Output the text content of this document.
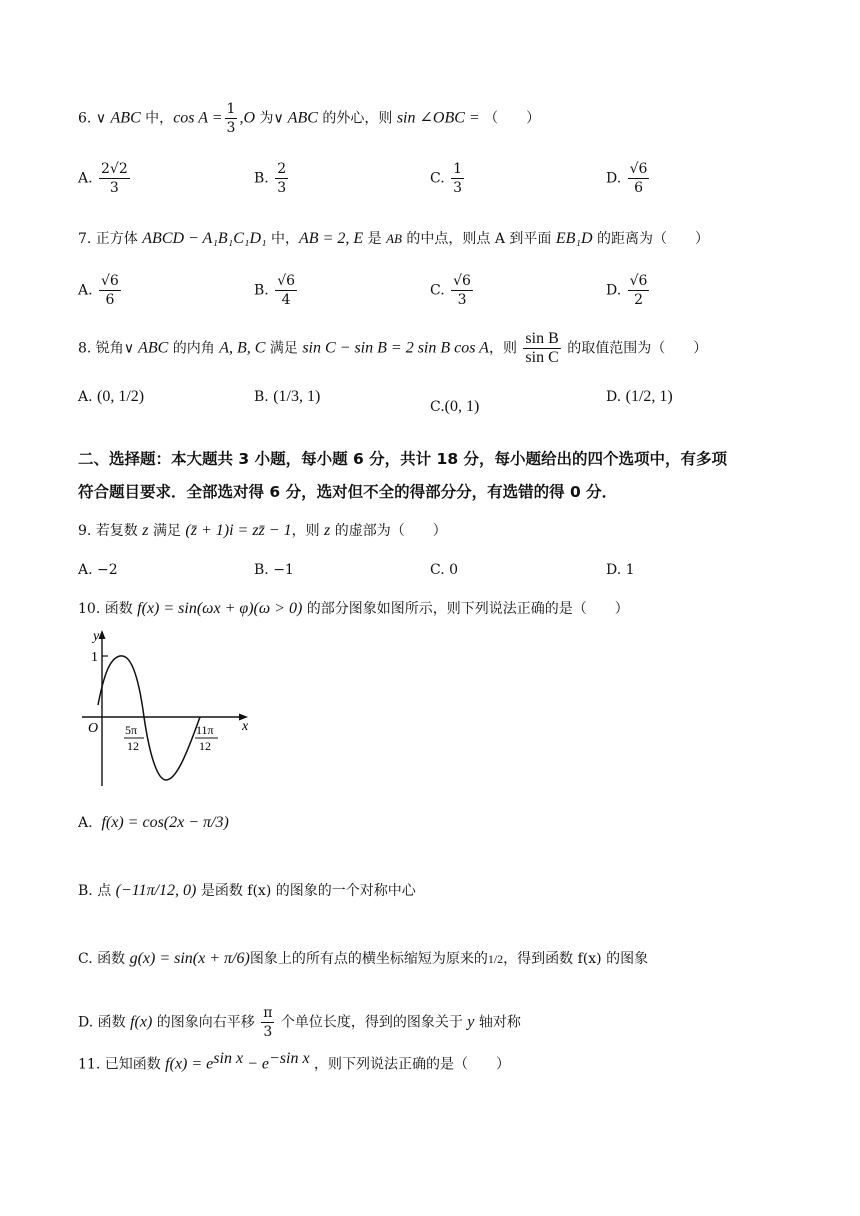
6. ∨ ABC 中，$\cos A = \frac{1}{3} ,O$ 为∨ ABC 的外心，则 sin ∠OBC = （　　）
A. $\frac{2√2}{3}$	B. $\frac{2}{3}$	C. $\frac{1}{3}$	D. $\frac{√6}{6}$
7. 正方体 ABCD − A₁B₁C₁D₁ 中，AB = 2, E 是 AB 的中点，则点 A 到平面 EB₁D 的距离为（　　）
A. $\frac{√6}{6}$	B. $\frac{√6}{4}$	C. $\frac{√6}{3}$	D. $\frac{√6}{2}$
8. 锐角∨ ABC 的内角 A, B, C 满足 sin C − sin B = 2 sin B cos A，则 $\frac{\text{sin B}}{\text{sin C}}$ 的取值范围为（　　）
A. (0, 1/2)	B. (1/3, 1)
C.(0, 1)
D. (1/2, 1)
二、选择题：本大题共 3 小题，每小题 6 分，共计 18 分，每小题给出的四个选项中，有多项
符合题目要求．全部选对得 6 分，选对但不全的得部分分，有选错的得 0 分．
9. 若复数 z 满足 (z̄ + 1)i = zz̄ − 1，则 z 的虚部为（　　）
A. −2	B. −1	C. 0	D. 1
10. 函数 f(x) = sin(ωx + φ)(ω > 0) 的部分图象如图所示，则下列说法正确的是（　　）
y
x
O
1
5π
12
11π
12
A. f(x) = cos(2x − π/3)
B. 点 (−11π/12, 0) 是函数 f(x) 的图象的一个对称中心
C. 函数 g(x) = sin(x + π/6)图象上的所有点的横坐标缩短为原来的1/2，得到函数 f(x) 的图象
D. 函数 f(x) 的图象向右平移 $\frac{\pi}{3}$ 个单位长度，得到的图象关于 y 轴对称
11. 已知函数 $f(x) = e^{sin x} - e^{-sin x}$ ，则下列说法正确的是（　　）
